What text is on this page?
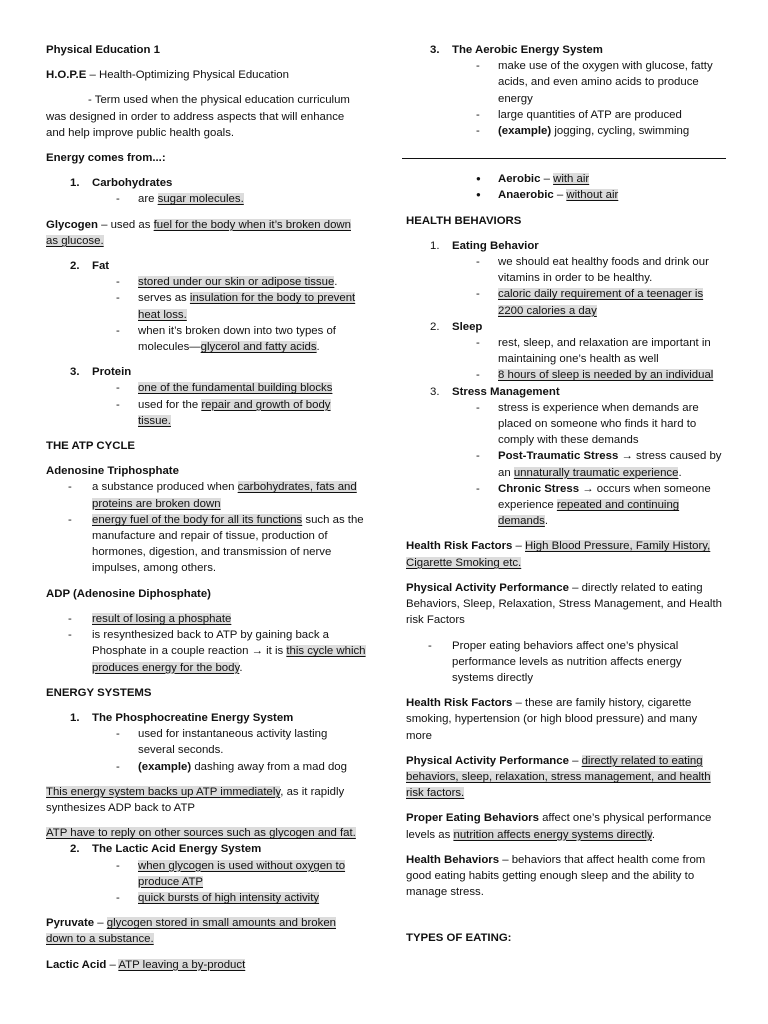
Physical Education 1

H.O.P.E – Health-Optimizing Physical Education

- Term used when the physical education curriculum was designed in order to address aspects that will enhance and help improve public health goals.

Energy comes from...:

1. Carbohydrates
- are sugar molecules.

Glycogen – used as fuel for the body when it’s broken down as glucose.

2. Fat
- stored under our skin or adipose tissue.
- serves as insulation for the body to prevent heat loss.
- when it’s broken down into two types of molecules—glycerol and fatty acids.
3. Protein
- one of the fundamental building blocks
- used for the repair and growth of body tissue.

THE ATP CYCLE

Adenosine Triphosphate

- a substance produced when carbohydrates, fats and proteins are broken down
- energy fuel of the body for all its functions such as the manufacture and repair of tissue, production of hormones, digestion, and transmission of nerve impulses, among others.

ADP (Adenosine Diphosphate)

- result of losing a phosphate
- is resynthesized back to ATP by gaining back a Phosphate in a couple reaction → it is this cycle which produces energy for the body.

ENERGY SYSTEMS

1. The Phosphocreatine Energy System
- used for instantaneous activity lasting several seconds.
- (example) dashing away from a mad dog

This energy system backs up ATP immediately, as it rapidly synthesizes ADP back to ATP

ATP have to reply on other sources such as glycogen and fat.

2. The Lactic Acid Energy System
- when glycogen is used without oxygen to produce ATP
- quick bursts of high intensity activity

Pyruvate – glycogen stored in small amounts and broken down to a substance.

Lactic Acid – ATP leaving a by-product

3. The Aerobic Energy System
- make use of the oxygen with glucose, fatty acids, and even amino acids to produce energy
- large quantities of ATP are produced
- (example) jogging, cycling, swimming
● Aerobic – with air
● Anaerobic – without air

HEALTH BEHAVIORS

1. Eating Behavior
- we should eat healthy foods and drink our vitamins in order to be healthy.
- caloric daily requirement of a teenager is 2200 calories a day
2. Sleep
- rest, sleep, and relaxation are important in maintaining one’s health as well
- 8 hours of sleep is needed by an individual
3. Stress Management
- stress is experience when demands are placed on someone who finds it hard to comply with these demands
- Post-Traumatic Stress → stress caused by an unnaturally traumatic experience.
- Chronic Stress → occurs when someone experience repeated and continuing demands.

Health Risk Factors – High Blood Pressure, Family History, Cigarette Smoking etc.

Physical Activity Performance – directly related to eating Behaviors, Sleep, Relaxation, Stress Management, and Health risk Factors

- Proper eating behaviors affect one’s physical performance levels as nutrition affects energy systems directly

Health Risk Factors – these are family history, cigarette smoking, hypertension (or high blood pressure) and many more

Physical Activity Performance – directly related to eating behaviors, sleep, relaxation, stress management, and health risk factors.

Proper Eating Behaviors affect one’s physical performance levels as nutrition affects energy systems directly.

Health Behaviors – behaviors that affect health come from good eating habits getting enough sleep and the ability to manage stress.

TYPES OF EATING:
